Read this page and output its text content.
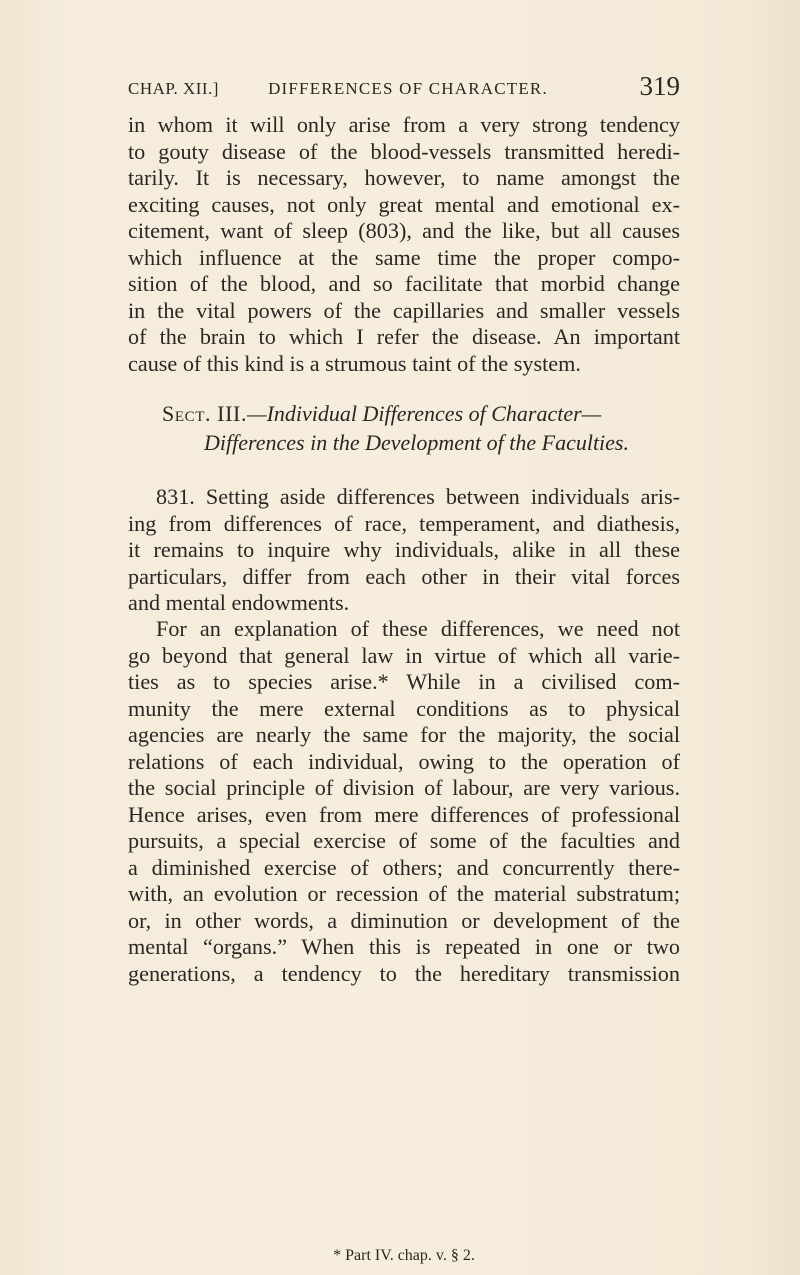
CHAP. XII.]	DIFFERENCES OF CHARACTER.	319
in whom it will only arise from a very strong tendency
to gouty disease of the blood-vessels transmitted heredi-
tarily. It is necessary, however, to name amongst the
exciting causes, not only great mental and emotional ex-
citement, want of sleep (803), and the like, but all causes
which influence at the same time the proper compo-
sition of the blood, and so facilitate that morbid change
in the vital powers of the capillaries and smaller vessels
of the brain to which I refer the disease. An important
cause of this kind is a strumous taint of the system.
Sect. III.—Individual Differences of Character—
Differences in the Development of the Faculties.
831. Setting aside differences between individuals aris-
ing from differences of race, temperament, and diathesis,
it remains to inquire why individuals, alike in all these
particulars, differ from each other in their vital forces
and mental endowments.
For an explanation of these differences, we need not
go beyond that general law in virtue of which all varie-
ties as to species arise.* While in a civilised com-
munity the mere external conditions as to physical
agencies are nearly the same for the majority, the social
relations of each individual, owing to the operation of
the social principle of division of labour, are very various.
Hence arises, even from mere differences of professional
pursuits, a special exercise of some of the faculties and
a diminished exercise of others; and concurrently there-
with, an evolution or recession of the material substratum;
or, in other words, a diminution or development of the
mental “organs.” When this is repeated in one or two
generations, a tendency to the hereditary transmission
* Part IV. chap. v. § 2.
